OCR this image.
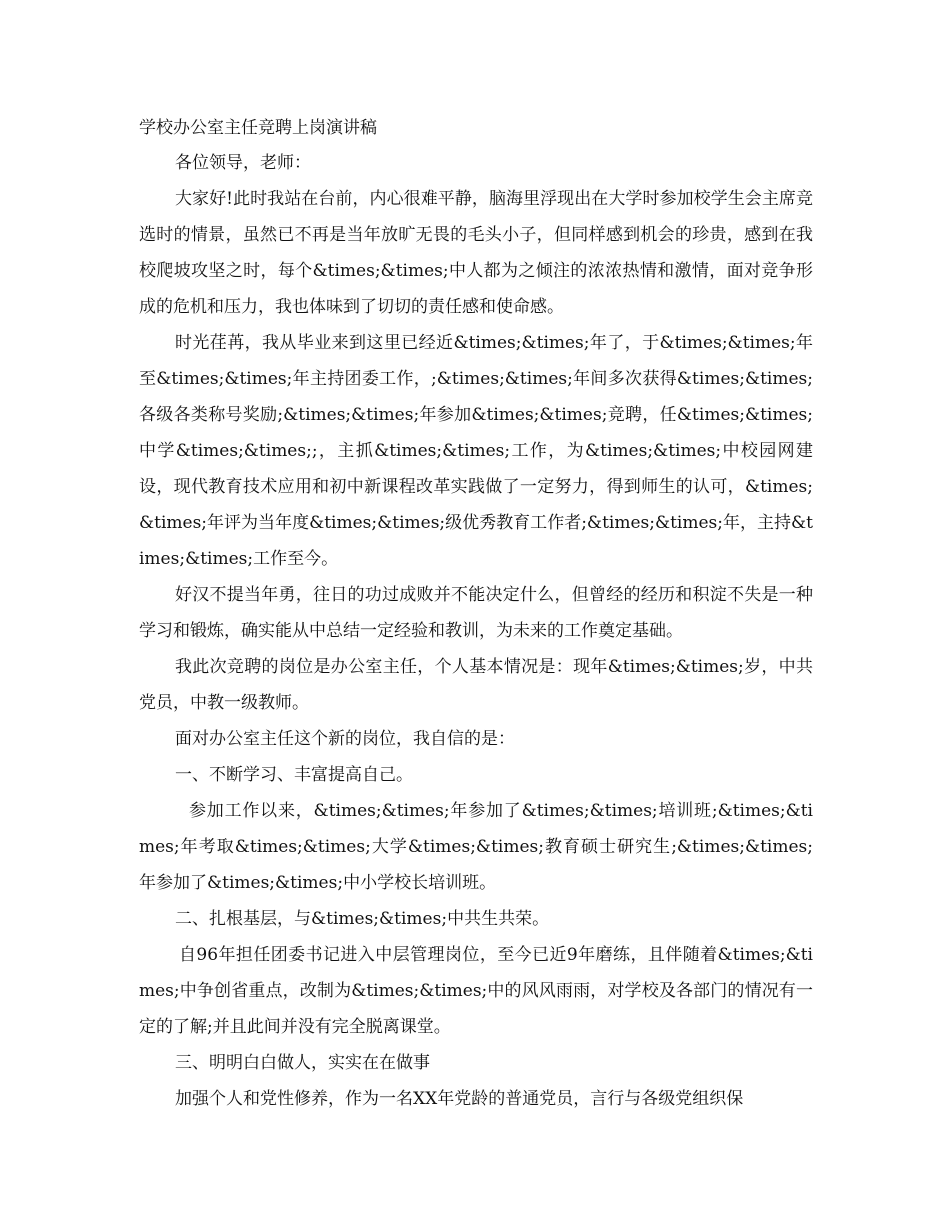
学校办公室主任竞聘上岗演讲稿

各位领导，老师：

大家好!此时我站在台前，内心很难平静，脑海里浮现出在大学时参加校学生会主席竞选时的情景，虽然已不再是当年放旷无畏的毛头小子，但同样感到机会的珍贵，感到在我校爬坡攻坚之时，每个&times;&times;中人都为之倾注的浓浓热情和激情，面对竞争形成的危机和压力，我也体味到了切切的责任感和使命感。

时光荏苒，我从毕业来到这里已经近&times;&times;年了，于&times;&times;年至&times;&times;年主持团委工作，;&times;&times;年间多次获得&times;&times;各级各类称号奖励;&times;&times;年参加&times;&times;竞聘，任&times;&times;中学&times;&times;;，主抓&times;&times;工作，为&times;&times;中校园网建设，现代教育技术应用和初中新课程改革实践做了一定努力，得到师生的认可，&times;&times;年评为当年度&times;&times;级优秀教育工作者;&times;&times;年，主持&times;&times;工作至今。

好汉不提当年勇，往日的功过成败并不能决定什么，但曾经的经历和积淀不失是一种学习和锻炼，确实能从中总结一定经验和教训，为未来的工作奠定基础。

我此次竞聘的岗位是办公室主任，个人基本情况是：现年&times;&times;岁，中共党员，中教一级教师。

面对办公室主任这个新的岗位，我自信的是：

一、不断学习、丰富提高自己。

参加工作以来，&times;&times;年参加了&times;&times;培训班;&times;&times;年考取&times;&times;大学&times;&times;教育硕士研究生;&times;&times;年参加了&times;&times;中小学校长培训班。

二、扎根基层，与&times;&times;中共生共荣。

自96年担任团委书记进入中层管理岗位，至今已近9年磨练，且伴随着&times;&times;中争创省重点，改制为&times;&times;中的风风雨雨，对学校及各部门的情况有一定的了解;并且此间并没有完全脱离课堂。

三、明明白白做人，实实在在做事

加强个人和党性修养，作为一名XX年党龄的普通党员，言行与各级党组织保
